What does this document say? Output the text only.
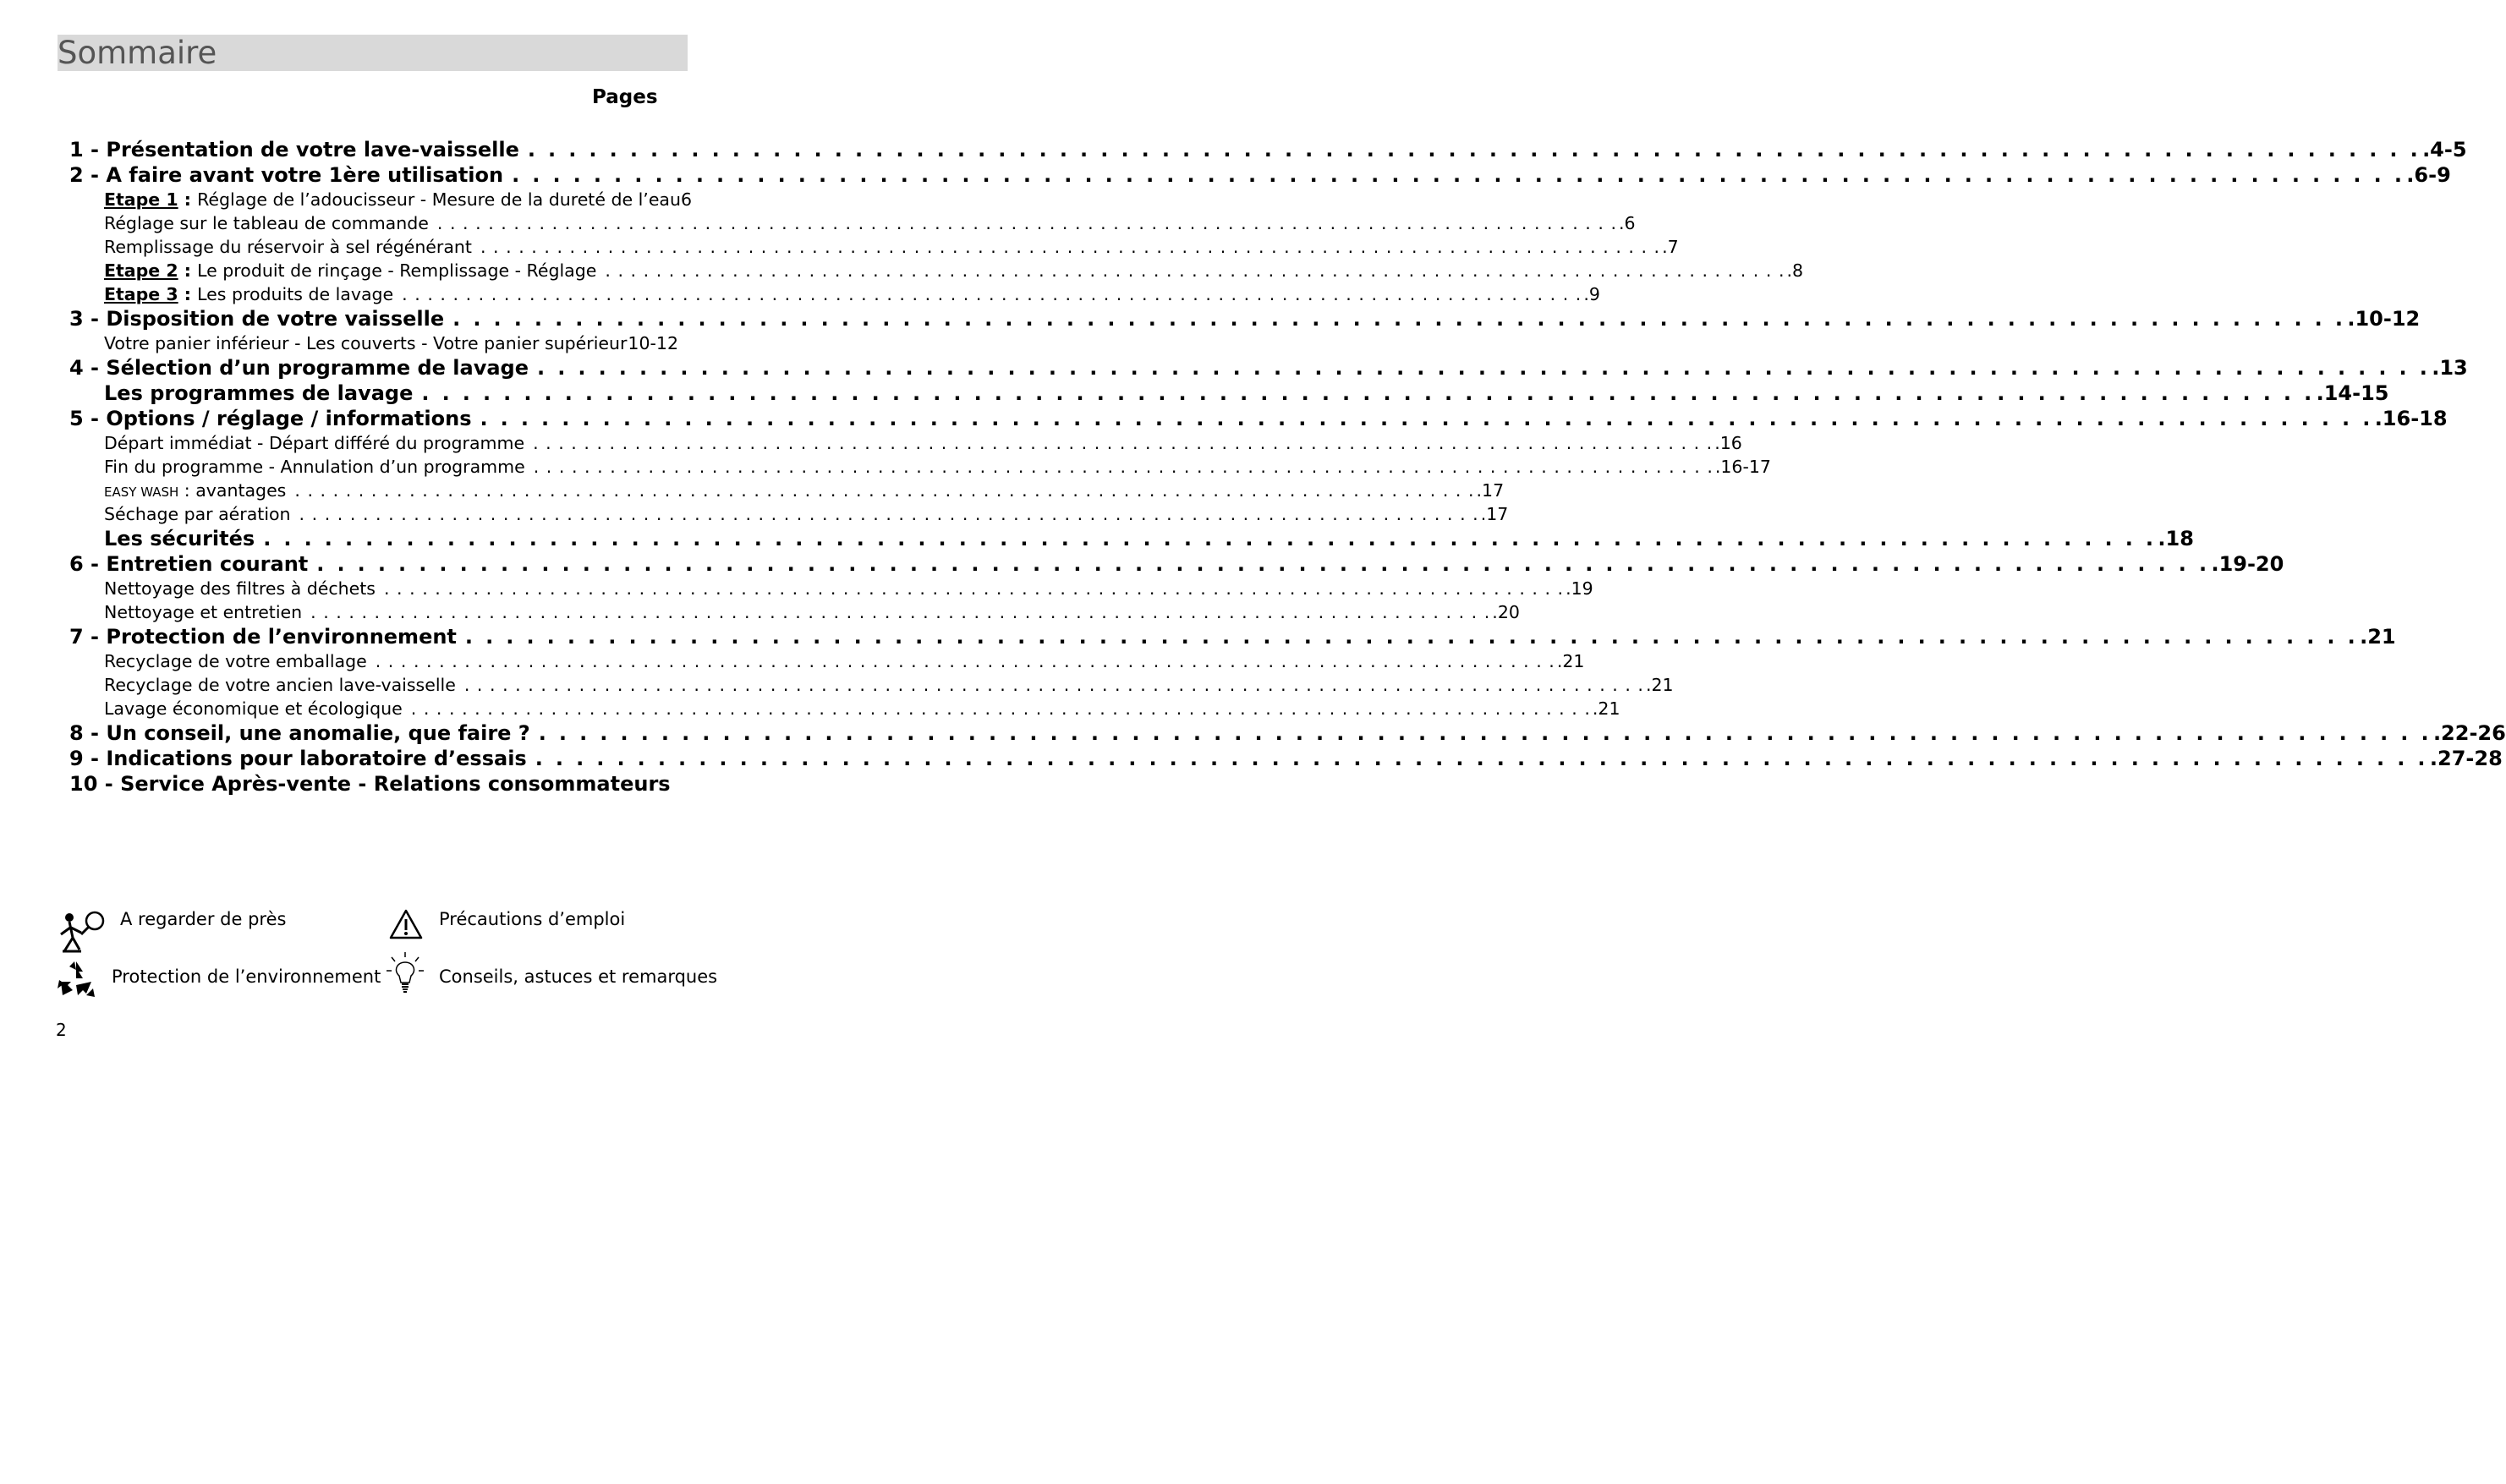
Sommaire
Pages
1 - Présentation de votre lave-vaisselle . . .	.4-5
2 - A faire avant votre 1ère utilisation . . .	.6-9
Etape 1 : Réglage de l’adoucisseur - Mesure de la dureté de l’eau 6
Réglage sur le tableau de commande . . .	.6
Remplissage du réservoir à sel régénérant . . .	.7
Etape 2 : Le produit de rinçage - Remplissage - Réglage . . .	.8
Etape 3 : Les produits de lavage . . .	.9
3 - Disposition de votre vaisselle . . .	.10-12
Votre panier inférieur - Les couverts - Votre panier supérieur 10-12
4 - Sélection d’un programme de lavage . . .	.13
Les programmes de lavage . . .	.14-15
5 - Options / réglage / informations . . .	.16-18
Départ immédiat - Départ différé du programme . . .	.16
Fin du programme - Annulation d’un programme . . .	.16-17
EASY WASH : avantages . . .	.17
Séchage par aération . . .	.17
Les sécurités . . .	.18
6 - Entretien courant . . .	.19-20
Nettoyage des filtres à déchets . . .	.19
Nettoyage et entretien . . .	.20
7 - Protection de l’environnement . . .	.21
Recyclage de votre emballage . . .	.21
Recyclage de votre ancien lave-vaisselle . . .	.21
Lavage économique et écologique . . .	.21
8 - Un conseil, une anomalie, que faire ? . . .	.22-26
9 - Indications pour laboratoire d’essais . . .	.27-28
10 - Service Après-vente - Relations consommateurs
A regarder de près	Précautions d’emploi
Protection de l’environnement	Conseils, astuces et remarques
2
